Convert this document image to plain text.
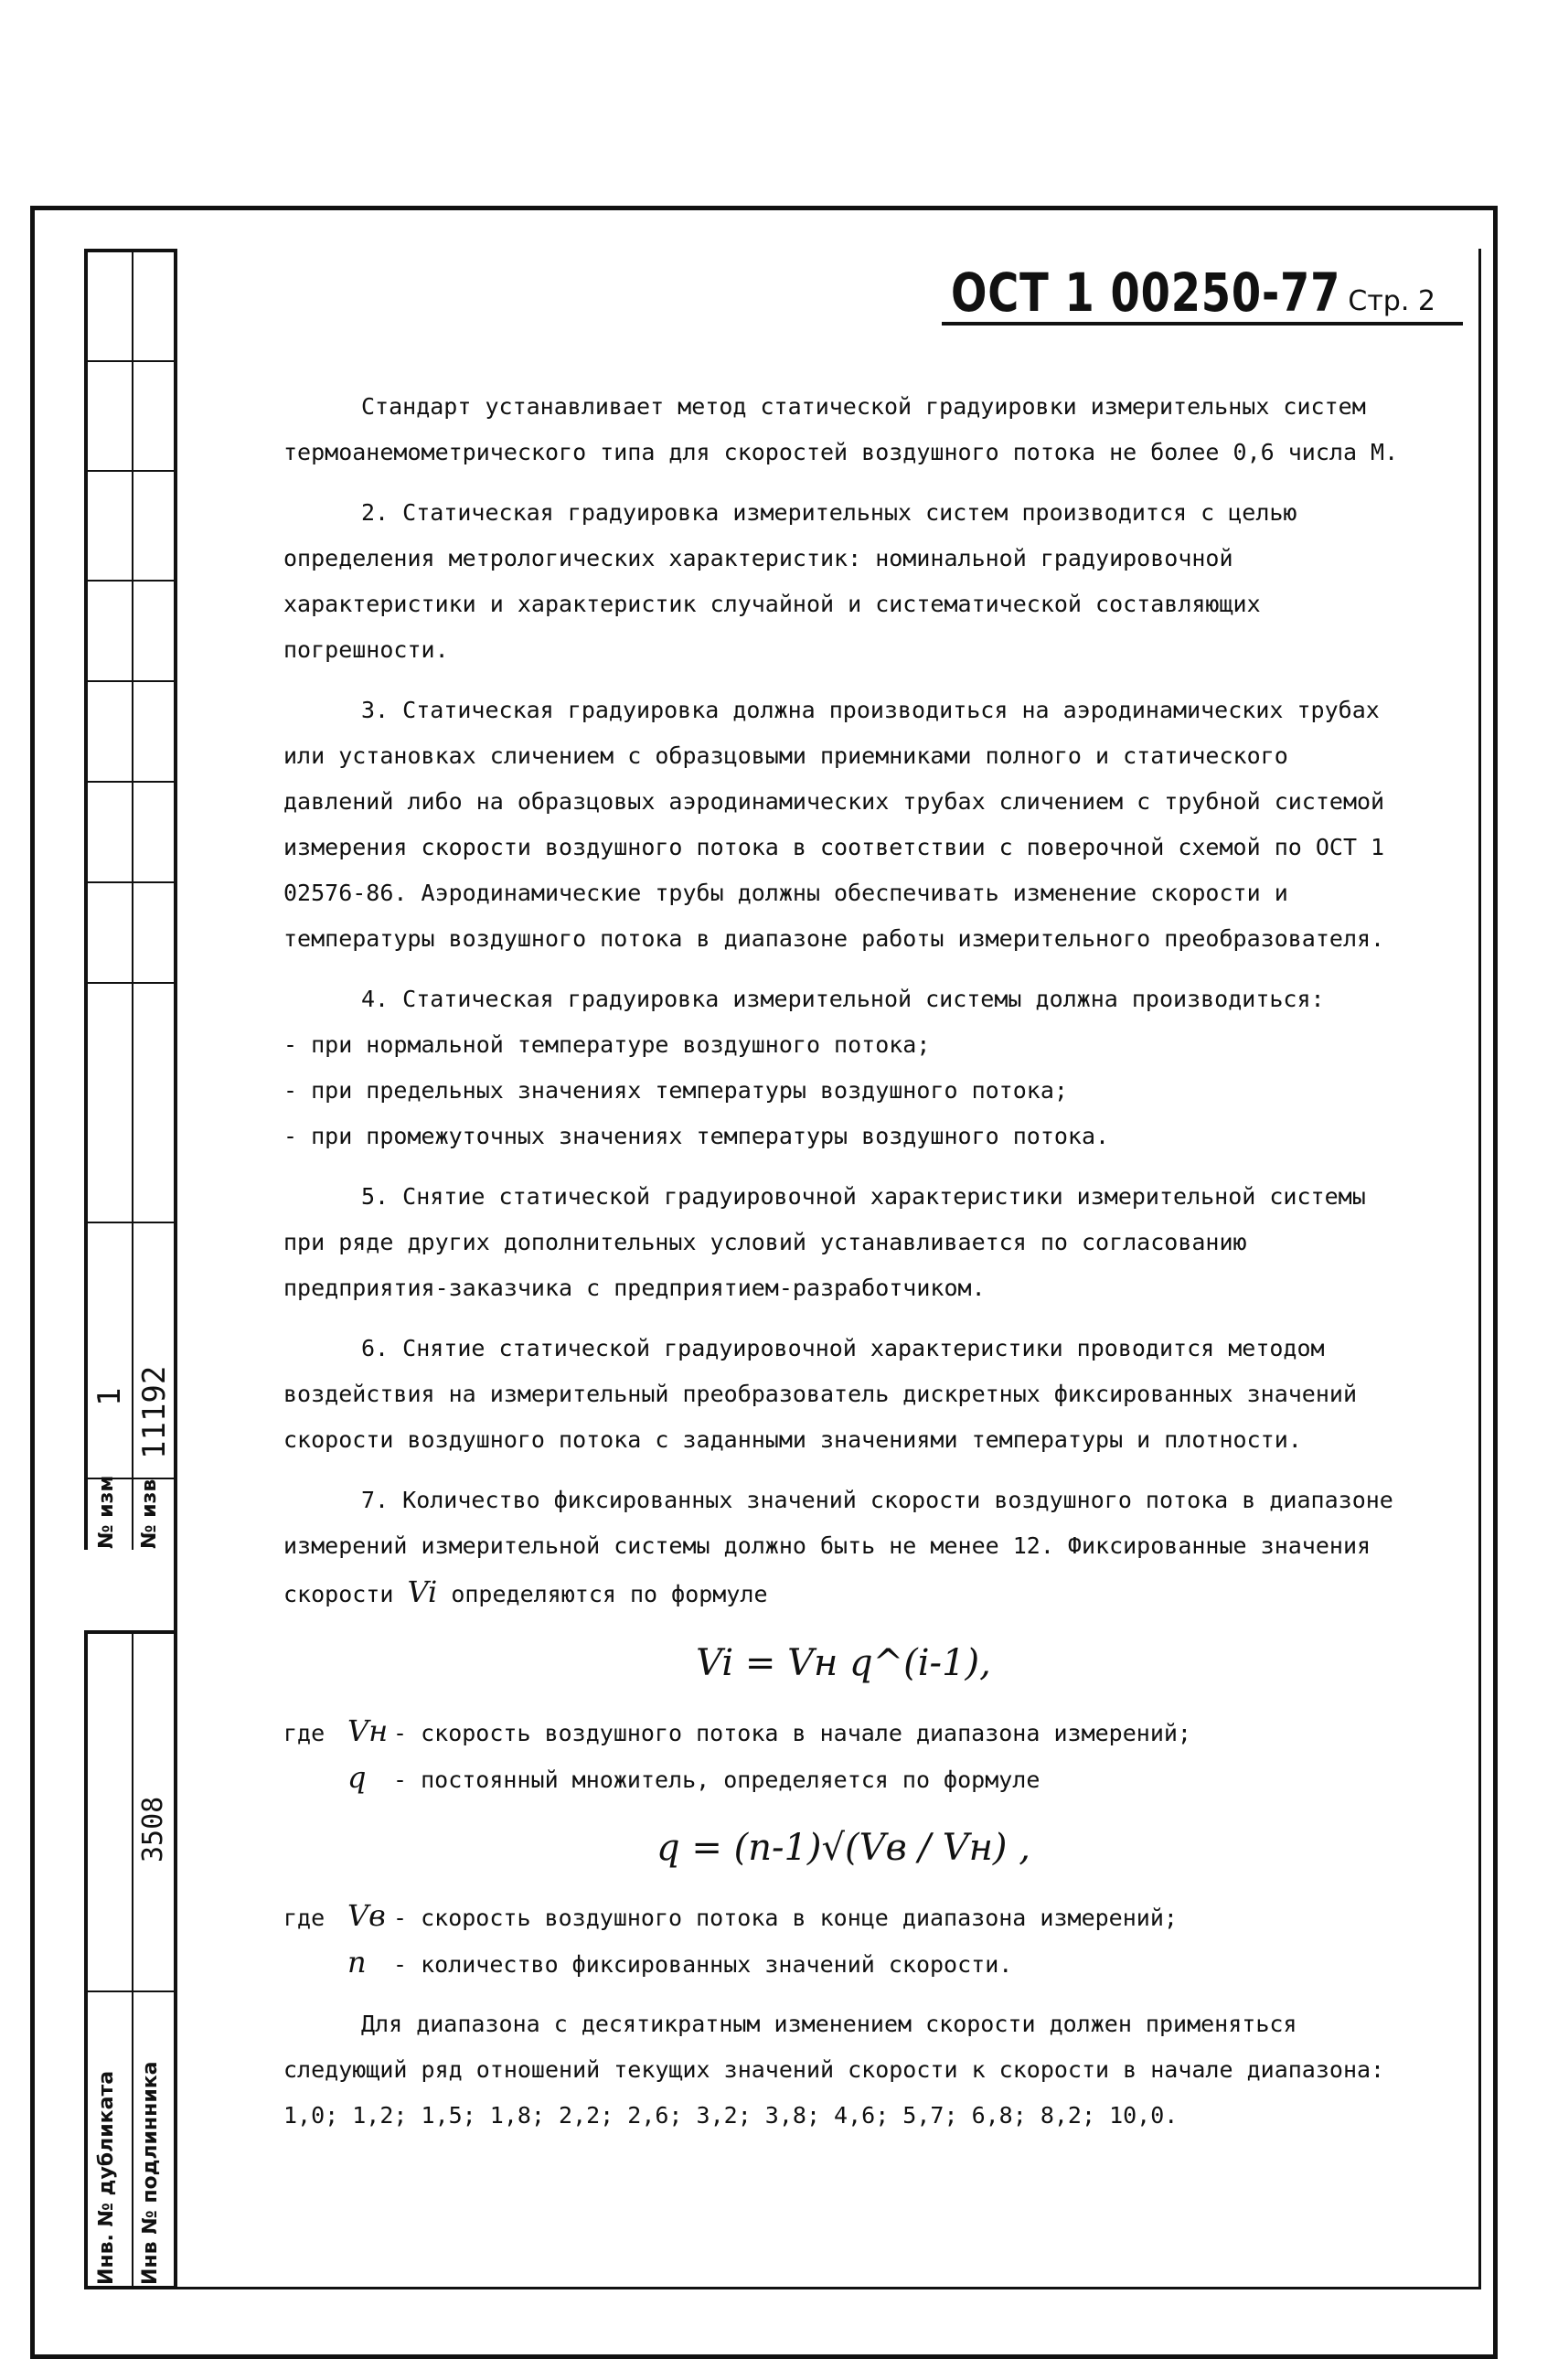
№ изм № изв
1 11192
Инв. № дубликата Инв № подлинника
3508
ОСТ 1 00250-77 Стр. 2

Стандарт устанавливает метод статической градуировки измерительных систем термоанемометрического типа для скоростей воздушного потока не более 0,6 числа М.

2. Статическая градуировка измерительных систем производится с целью определения метрологических характеристик: номинальной градуировочной характеристики и характеристик случайной и систематической составляющих погрешности.

3. Статическая градуировка должна производиться на аэродинамических трубах или установках сличением с образцовыми приемниками полного и статического давлений либо на образцовых аэродинамических трубах сличением с трубной системой измерения скорости воздушного потока в соответствии с поверочной схемой по ОСТ 1 02576-86. Аэродинамические трубы должны обеспечивать изменение скорости и температуры воздушного потока в диапазоне работы измерительного преобразователя.

4. Статическая градуировка измерительной системы должна производиться:

- при нормальной температуре воздушного потока;

- при предельных значениях температуры воздушного потока;

- при промежуточных значениях температуры воздушного потока.

5. Снятие статической градуировочной характеристики измерительной системы при ряде других дополнительных условий устанавливается по согласованию предприятия-заказчика с предприятием-разработчиком.

6. Снятие статической градуировочной характеристики проводится методом воздействия на измерительный преобразователь дискретных фиксированных значений скорости воздушного потока с заданными значениями температуры и плотности.

7. Количество фиксированных значений скорости воздушного потока в диапазоне измерений измерительной системы должно быть не менее 12. Фиксированные значения скорости Vi определяются по формуле

Vi = Vн q^(i-1),
где Vн - скорость воздушного потока в начале диапазона измерений;
q	- постоянный множитель, определяется по формуле
q = (n-1)√(Vв / Vн) ,
где Vв - скорость воздушного потока в конце диапазона измерений;
n	- количество фиксированных значений скорости.

Для диапазона с десятикратным изменением скорости должен применяться следующий ряд отношений текущих значений скорости к скорости в начале диапазона: 1,0; 1,2; 1,5; 1,8; 2,2; 2,6; 3,2; 3,8; 4,6; 5,7; 6,8; 8,2; 10,0.
